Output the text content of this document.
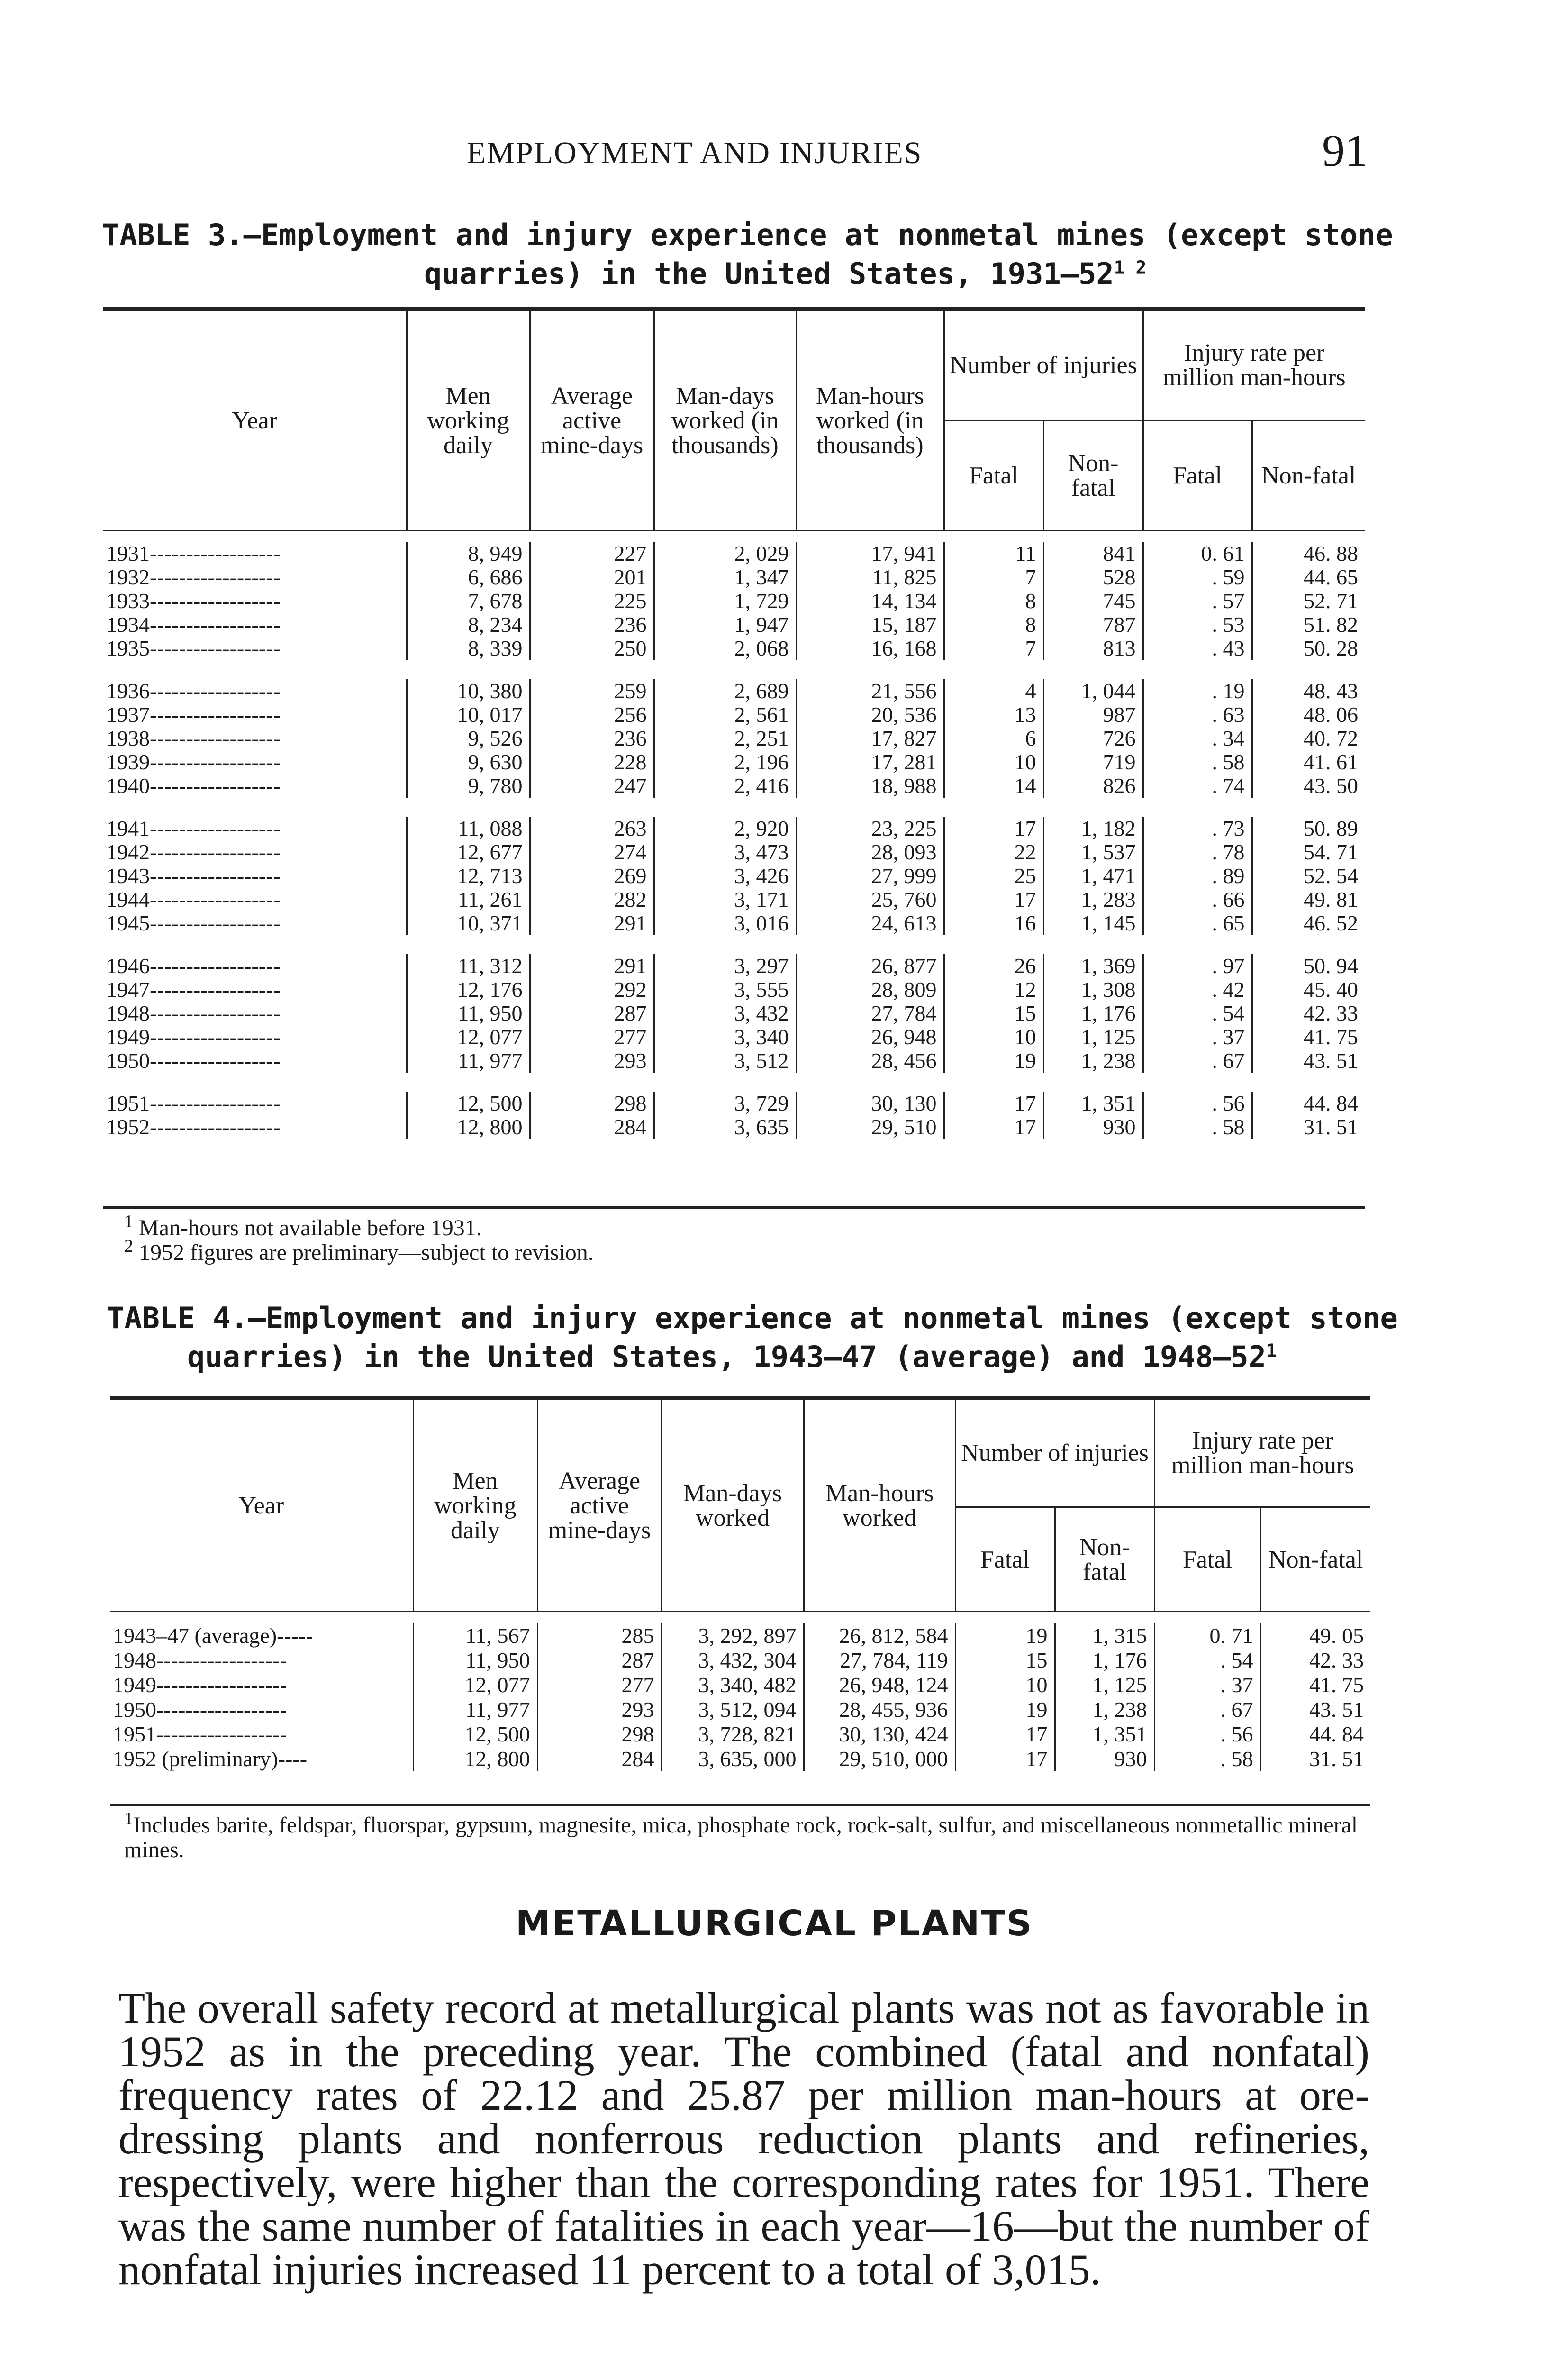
EMPLOYMENT AND INJURIES	91
TABLE 3.—Employment and injury experience at nonmetal mines (except stone
quarries) in the United States, $1931-52^{1 2}$
Year	Men working daily	Average active mine-days	Man-days worked (in thousands)	Man-hours worked (in thousands)	Number of injuries		Injury rate per million man-hours	
					Fatal	Non-fatal	Fatal	Non-fatal

1931------------------	8, 949	227	2, 029	17, 941	11	841	0. 61	46. 88
1932------------------	6, 686	201	1, 347	11, 825	7	528	. 59	44. 65
1933------------------	7, 678	225	1, 729	14, 134	8	745	. 57	52. 71
1934------------------	8, 234	236	1, 947	15, 187	8	787	. 53	51. 82
1935------------------	8, 339	250	2, 068	16, 168	7	813	. 43	50. 28

1936------------------	10, 380	259	2, 689	21, 556	4	1, 044	. 19	48. 43
1937------------------	10, 017	256	2, 561	20, 536	13	987	. 63	48. 06
1938------------------	9, 526	236	2, 251	17, 827	6	726	. 34	40. 72
1939------------------	9, 630	228	2, 196	17, 281	10	719	. 58	41. 61
1940------------------	9, 780	247	2, 416	18, 988	14	826	. 74	43. 50

1941------------------	11, 088	263	2, 920	23, 225	17	1, 182	. 73	50. 89
1942------------------	12, 677	274	3, 473	28, 093	22	1, 537	. 78	54. 71
1943------------------	12, 713	269	3, 426	27, 999	25	1, 471	. 89	52. 54
1944------------------	11, 261	282	3, 171	25, 760	17	1, 283	. 66	49. 81
1945------------------	10, 371	291	3, 016	24, 613	16	1, 145	. 65	46. 52

1946------------------	11, 312	291	3, 297	26, 877	26	1, 369	. 97	50. 94
1947------------------	12, 176	292	3, 555	28, 809	12	1, 308	. 42	45. 40
1948------------------	11, 950	287	3, 432	27, 784	15	1, 176	. 54	42. 33
1949------------------	12, 077	277	3, 340	26, 948	10	1, 125	. 37	41. 75
1950------------------	11, 977	293	3, 512	28, 456	19	1, 238	. 67	43. 51

1951------------------	12, 500	298	3, 729	30, 130	17	1, 351	. 56	44. 84
1952------------------	12, 800	284	3, 635	29, 510	17	930	. 58	31. 51
$^1$ Man-hours not available before 1931.
$^2$ 1952 figures are preliminary—subject to revision.
TABLE 4.—Employment and injury experience at nonmetal mines (except stone
quarries) in the United States, 1943–47 (average) and $1948-52^1$
Year	Men working daily	Average active mine-days	Man-days worked	Man-hours worked	Number of injuries		Injury rate per million man-hours	
					Fatal	Non-fatal	Fatal	Non-fatal

1943–47 (average)-----	11, 567	285	3, 292, 897	26, 812, 584	19	1, 315	0. 71	49. 05
1948------------------	11, 950	287	3, 432, 304	27, 784, 119	15	1, 176	. 54	42. 33
1949------------------	12, 077	277	3, 340, 482	26, 948, 124	10	1, 125	. 37	41. 75
1950------------------	11, 977	293	3, 512, 094	28, 455, 936	19	1, 238	. 67	43. 51
1951------------------	12, 500	298	3, 728, 821	30, 130, 424	17	1, 351	. 56	44. 84
1952 (preliminary)----	12, 800	284	3, 635, 000	29, 510, 000	17	930	. 58	31. 51
$^1$Includes barite, feldspar, fluorspar, gypsum, magnesite, mica, phosphate rock, rock-salt, sulfur, and miscellaneous nonmetallic mineral mines.
METALLURGICAL PLANTS
The overall safety record at metallurgical plants was not as favorable in 1952 as in the preceding year. The combined (fatal and nonfatal) frequency rates of 22.12 and 25.87 per million man-hours at ore-dressing plants and nonferrous reduction plants and refineries, respectively, were higher than the corresponding rates for 1951. There was the same number of fatalities in each year—16—but the number of nonfatal injuries increased 11 percent to a total of 3,015.
